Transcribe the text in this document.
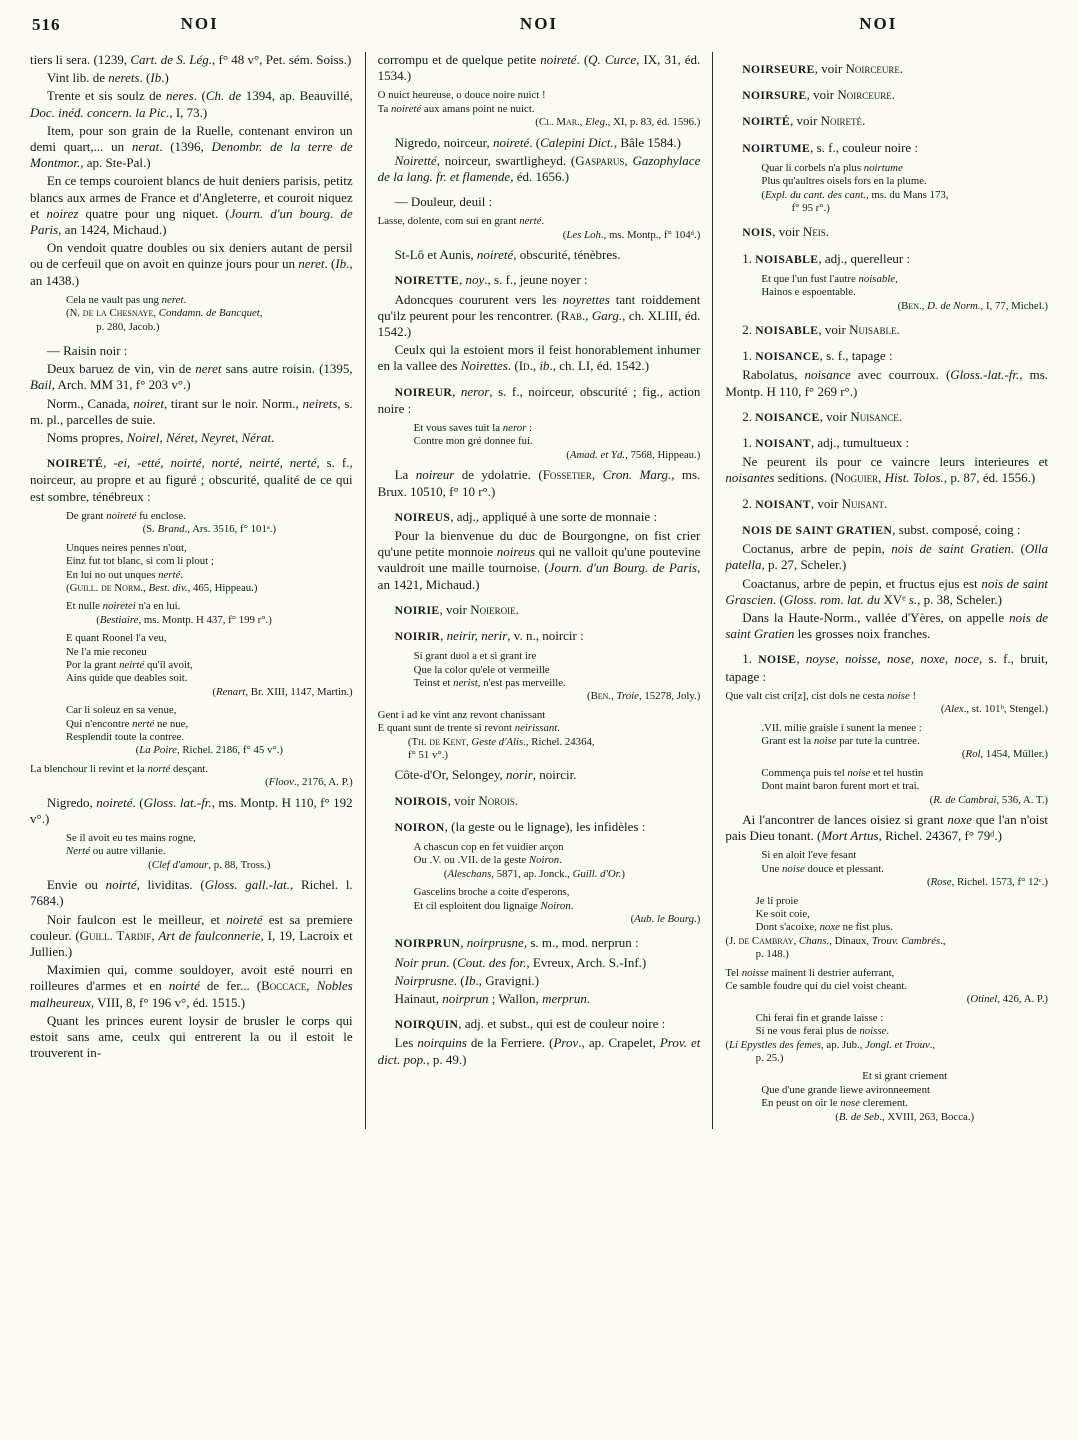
516	NOI	NOI	NOI

tiers li sera. (1239, Cart. de S. Lég., f° 48 v°, Pet. sém. Soiss.)

Vint lib. de nerets. (Ib.)

Trente et sis soulz de neres. (Ch. de 1394, ap. Beauvillé, Doc. inéd. concern. la Pic., I, 73.)

Item, pour son grain de la Ruelle, contenant environ un demi quart,... un nerat. (1396, Denombr. de la terre de Montmor., ap. Ste-Pal.)

En ce temps couroient blancs de huit deniers parisis, petitz blancs aux armes de France et d'Angleterre, et couroit niquez et noirez quatre pour ung niquet. (Journ. d'un bourg. de Paris, an 1424, Michaud.)

On vendoit quatre doubles ou six deniers autant de persil ou de cerfeuil que on avoit en quinze jours pour un neret. (Ib., an 1438.)

Cela ne vault pas ung neret.
(N. de la Chesnaye, Condamn. de Bancquet,
p. 280, Jacob.)

— Raisin noir :

Deux baruez de vin, vin de neret sans autre roisin. (1395, Bail, Arch. MM 31, f° 203 v°.)

Norm., Canada, noiret, tirant sur le noir. Norm., neirets, s. m. pl., parcelles de suie.

Noms propres, Noirel, Néret, Neyret, Nérat.

NOIRETÉ, -ei, -etté, noirté, norté, neirté, nerté, s. f., noirceur, au propre et au figuré ; obscurité, qualité de ce qui est sombre, ténébreux :

De grant noireté fu enclose.
(S. Brand., Ars. 3516, f° 101ᵃ.)
Unques neires pennes n'out,
Einz fut tot blanc, si com li plout ;
En lui no out unques nerté.
(Guill. de Norm., Best. div., 465, Hippeau.)
Et nulle noiretei n'a en lui.
(Bestiaire, ms. Montp. H 437, f° 199 r°.)
E quant Roonel l'a veu,
Ne l'a mie reconeu
Por la grant neirté qu'il avoit,
Ains quide que deables soit.
(Renart, Br. XIII, 1147, Martin.)
Car li soleuz en sa venue,
Qui n'encontre nerté ne nue,
Resplendit toute la contree.
(La Poire, Richel. 2186, f° 45 v°.)
La blenchour li revint et la norté desçant.
(Floov., 2176, A. P.)

Nigredo, noireté. (Gloss. lat.-fr., ms. Montp. H 110, f° 192 v°.)

Se il avoit eu tes mains rogne,
Nerté ou autre villanie.
(Clef d'amour, p. 88, Tross.)

Envie ou noirté, lividitas. (Gloss. gall.-lat., Richel. l. 7684.)

Noir faulcon est le meilleur, et noireté est sa premiere couleur. (Guill. Tardif, Art de faulconnerie, I, 19, Lacroix et Jullien.)

Maximien qui, comme souldoyer, avoit esté nourri en roilleures d'armes et en noirté de fer... (Boccace, Nobles malheureux, VIII, 8, f° 196 v°, éd. 1515.)

Quant les princes eurent loysir de brusler le corps qui estoit sans ame, ceulx qui entrerent la ou il estoit le trouverent in-

corrompu et de quelque petite noireté. (Q. Curce, IX, 31, éd. 1534.)

O nuict heureuse, o douce noire nuict !
Ta noireté aux amans point ne nuict.
(Cl. Mar., Eleg., XI, p. 83, éd. 1596.)

Nigredo, noirceur, noireté. (Calepini Dict., Bâle 1584.)

Noiretté, noirceur, swartligheyd. (Gasparus, Gazophylace de la lang. fr. et flamende, éd. 1656.)

— Douleur, deuil :

Lasse, dolente, com sui en grant nerté.
(Les Loh., ms. Montp., f° 104ᵈ.)

St-Lô et Aunis, noireté, obscurité, ténèbres.

NOIRETTE, noy., s. f., jeune noyer :

Adoncques coururent vers les noyrettes tant roiddement qu'ilz peurent pour les rencontrer. (Rab., Garg., ch. XLIII, éd. 1542.)

Ceulx qui la estoient mors il feist honorablement inhumer en la vallee des Noirettes. (Id., ib., ch. LI, éd. 1542.)

NOIREUR, neror, s. f., noirceur, obscurité ; fig., action noire :

Et vous saves tuit la neror :
Contre mon gré donnee fui.
(Amad. et Yd., 7568, Hippeau.)

La noireur de ydolatrie. (Fossetier, Cron. Marg., ms. Brux. 10510, f° 10 r°.)

NOIREUS, adj., appliqué à une sorte de monnaie :

Pour la bienvenue du duc de Bourgongne, on fist crier qu'une petite monnoie noireus qui ne valloit qu'une poutevine vauldroit une maille tournoise. (Journ. d'un Bourg. de Paris, an 1421, Michaud.)

NOIRIE, voir Noieroie.

NOIRIR, neirir, nerir, v. n., noircir :

Si grant duol a et si grant ire
Que la color qu'ele ot vermeille
Teinst et nerist, n'est pas merveille.
(Ben., Troie, 15278, Joly.)
Gent i ad ke vint anz revont chanissant
E quant sunt de trente si revont neirissant.
(Th. de Kent, Geste d'Alis., Richel. 24364,
f° 51 v°.)

Côte-d'Or, Selongey, norir, noircir.

NOIROIS, voir Norois.

NOIRON, (la geste ou le lignage), les infidèles :

A chascun cop en fet vuidier arçon
Ou .V. ou .VII. de la geste Noiron.
(Aleschans, 5871, ap. Jonck., Guill. d'Or.)
Gascelins broche a coite d'esperons,
Et cil esploitent dou lignaige Noiron.
(Aub. le Bourg.)

NOIRPRUN, noirprusne, s. m., mod. nerprun :

Noir prun. (Cout. des for., Evreux, Arch. S.-Inf.)

Noirprusne. (Ib., Gravigni.)

Hainaut, noirprun ; Wallon, merprun.

NOIRQUIN, adj. et subst., qui est de couleur noire :

Les noirquins de la Ferriere. (Prov., ap. Crapelet, Prov. et dict. pop., p. 49.)

NOIRSEURE, voir Noirceure.

NOIRSURE, voir Noirceure.

NOIRTÉ, voir Noireté.

NOIRTUME, s. f., couleur noire :

Quar li corbels n'a plus noirtume
Plus qu'aultres oisels fors en la plume.
(Expl. du cant. des cant., ms. du Mans 173,
f° 95 r°.)

NOIS, voir Neis.

1. NOISABLE, adj., querelleur :

Et que l'un fust l'autre noisable,
Hainos e espoentable.
(Ben., D. de Norm., I, 77, Michel.)

2. NOISABLE, voir Nuisable.

1. NOISANCE, s. f., tapage :

Rabolatus, noisance avec courroux. (Gloss.-lat.-fr., ms. Montp. H 110, f° 269 r°.)

2. NOISANCE, voir Nuisance.

1. NOISANT, adj., tumultueux :

Ne peurent ils pour ce vaincre leurs interieures et noisantes seditions. (Noguier, Hist. Tolos., p. 87, éd. 1556.)

2. NOISANT, voir Nuisant.

NOIS DE SAINT GRATIEN, subst. composé, coing :

Coctanus, arbre de pepin, nois de saint Gratien. (Olla patella, p. 27, Scheler.)

Coactanus, arbre de pepin, et fructus ejus est nois de saint Grascien. (Gloss. rom. lat. du XVᵉ s., p. 38, Scheler.)

Dans la Haute-Norm., vallée d'Yères, on appelle nois de saint Gratien les grosses noix franches.

1. NOISE, noyse, noisse, nose, noxe, noce, s. f., bruit, tapage :

Que valt cist cri[z], cist dols ne cesta noise !
(Alex., st. 101ᵇ, Stengel.)
.VII. milie graisle i sunent la menee :
Grant est la noise par tute la cuntree.
(Rol, 1454, Müller.)
Commença puis tel noise et tel hustin
Dont maint baron furent mort et trai.
(R. de Cambrai, 536, A. T.)

Ai l'ancontrer de lances oisiez si grant noxe que l'an n'oist pais Dieu tonant. (Mort Artus, Richel. 24367, f° 79ᵈ.)

Si en aloit l'eve fesant
Une noise douce et plessant.
(Rose, Richel. 1573, f° 12ᶜ.)
Je li proie
Ke soit coie,
Dont s'acoixe, noxe ne fist plus.
(J. de Cambray, Chans., Dinaux, Trouv. Cambrés.,
p. 148.)
Tel noisse mainent li destrier auferrant,
Ce samble foudre qui du ciel voist cheant.
(Otinel, 426, A. P.)
Chi ferai fin et grande laisse :
Si ne vous ferai plus de noisse.
(Li Epystles des femes, ap. Jub., Jongl. et Trouv.,
p. 25.)
Et si grant criement
Que d'une grande liewe avironneement
En peust on oir le nose clerement.
(B. de Seb., XVIII, 263, Bocca.)
